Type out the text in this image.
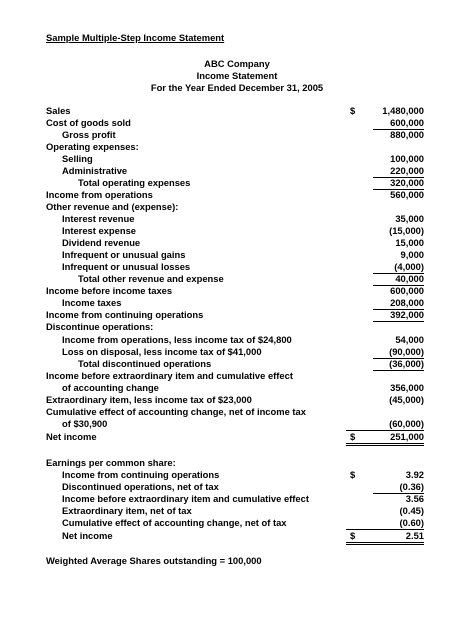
Sample Multiple-Step Income Statement
ABC Company
Income Statement
For the Year Ended December 31, 2005
Sales	$	1,480,000
Cost of goods sold	600,000
Gross profit	880,000
Operating expenses:
Selling	100,000
Administrative	220,000
Total operating expenses	320,000
Income from operations	560,000
Other revenue and (expense):
Interest revenue	35,000
Interest expense	(15,000)
Dividend revenue	15,000
Infrequent or unusual gains	9,000
Infrequent or unusual losses	(4,000)
Total other revenue and expense	40,000
Income before income taxes	600,000
Income taxes	208,000
Income from continuing operations	392,000
Discontinue operations:
Income from operations, less income tax of $24,800	54,000
Loss on disposal, less income tax of $41,000	(90,000)
Total discontinued operations	(36,000)
Income before extraordinary item and cumulative effect
of accounting change	356,000
Extraordinary item, less income tax of $23,000	(45,000)
Cumulative effect of accounting change, net of income tax
of $30,900	(60,000)
Net income	$	251,000
Earnings per common share:
Income from continuing operations	$	3.92
Discontinued operations, net of tax	(0.36)
Income before extraordinary item and cumulative effect	3.56
Extraordinary item, net of tax	(0.45)
Cumulative effect of accounting change, net of tax	(0.60)
Net income	$	2.51
Weighted Average Shares outstanding = 100,000
